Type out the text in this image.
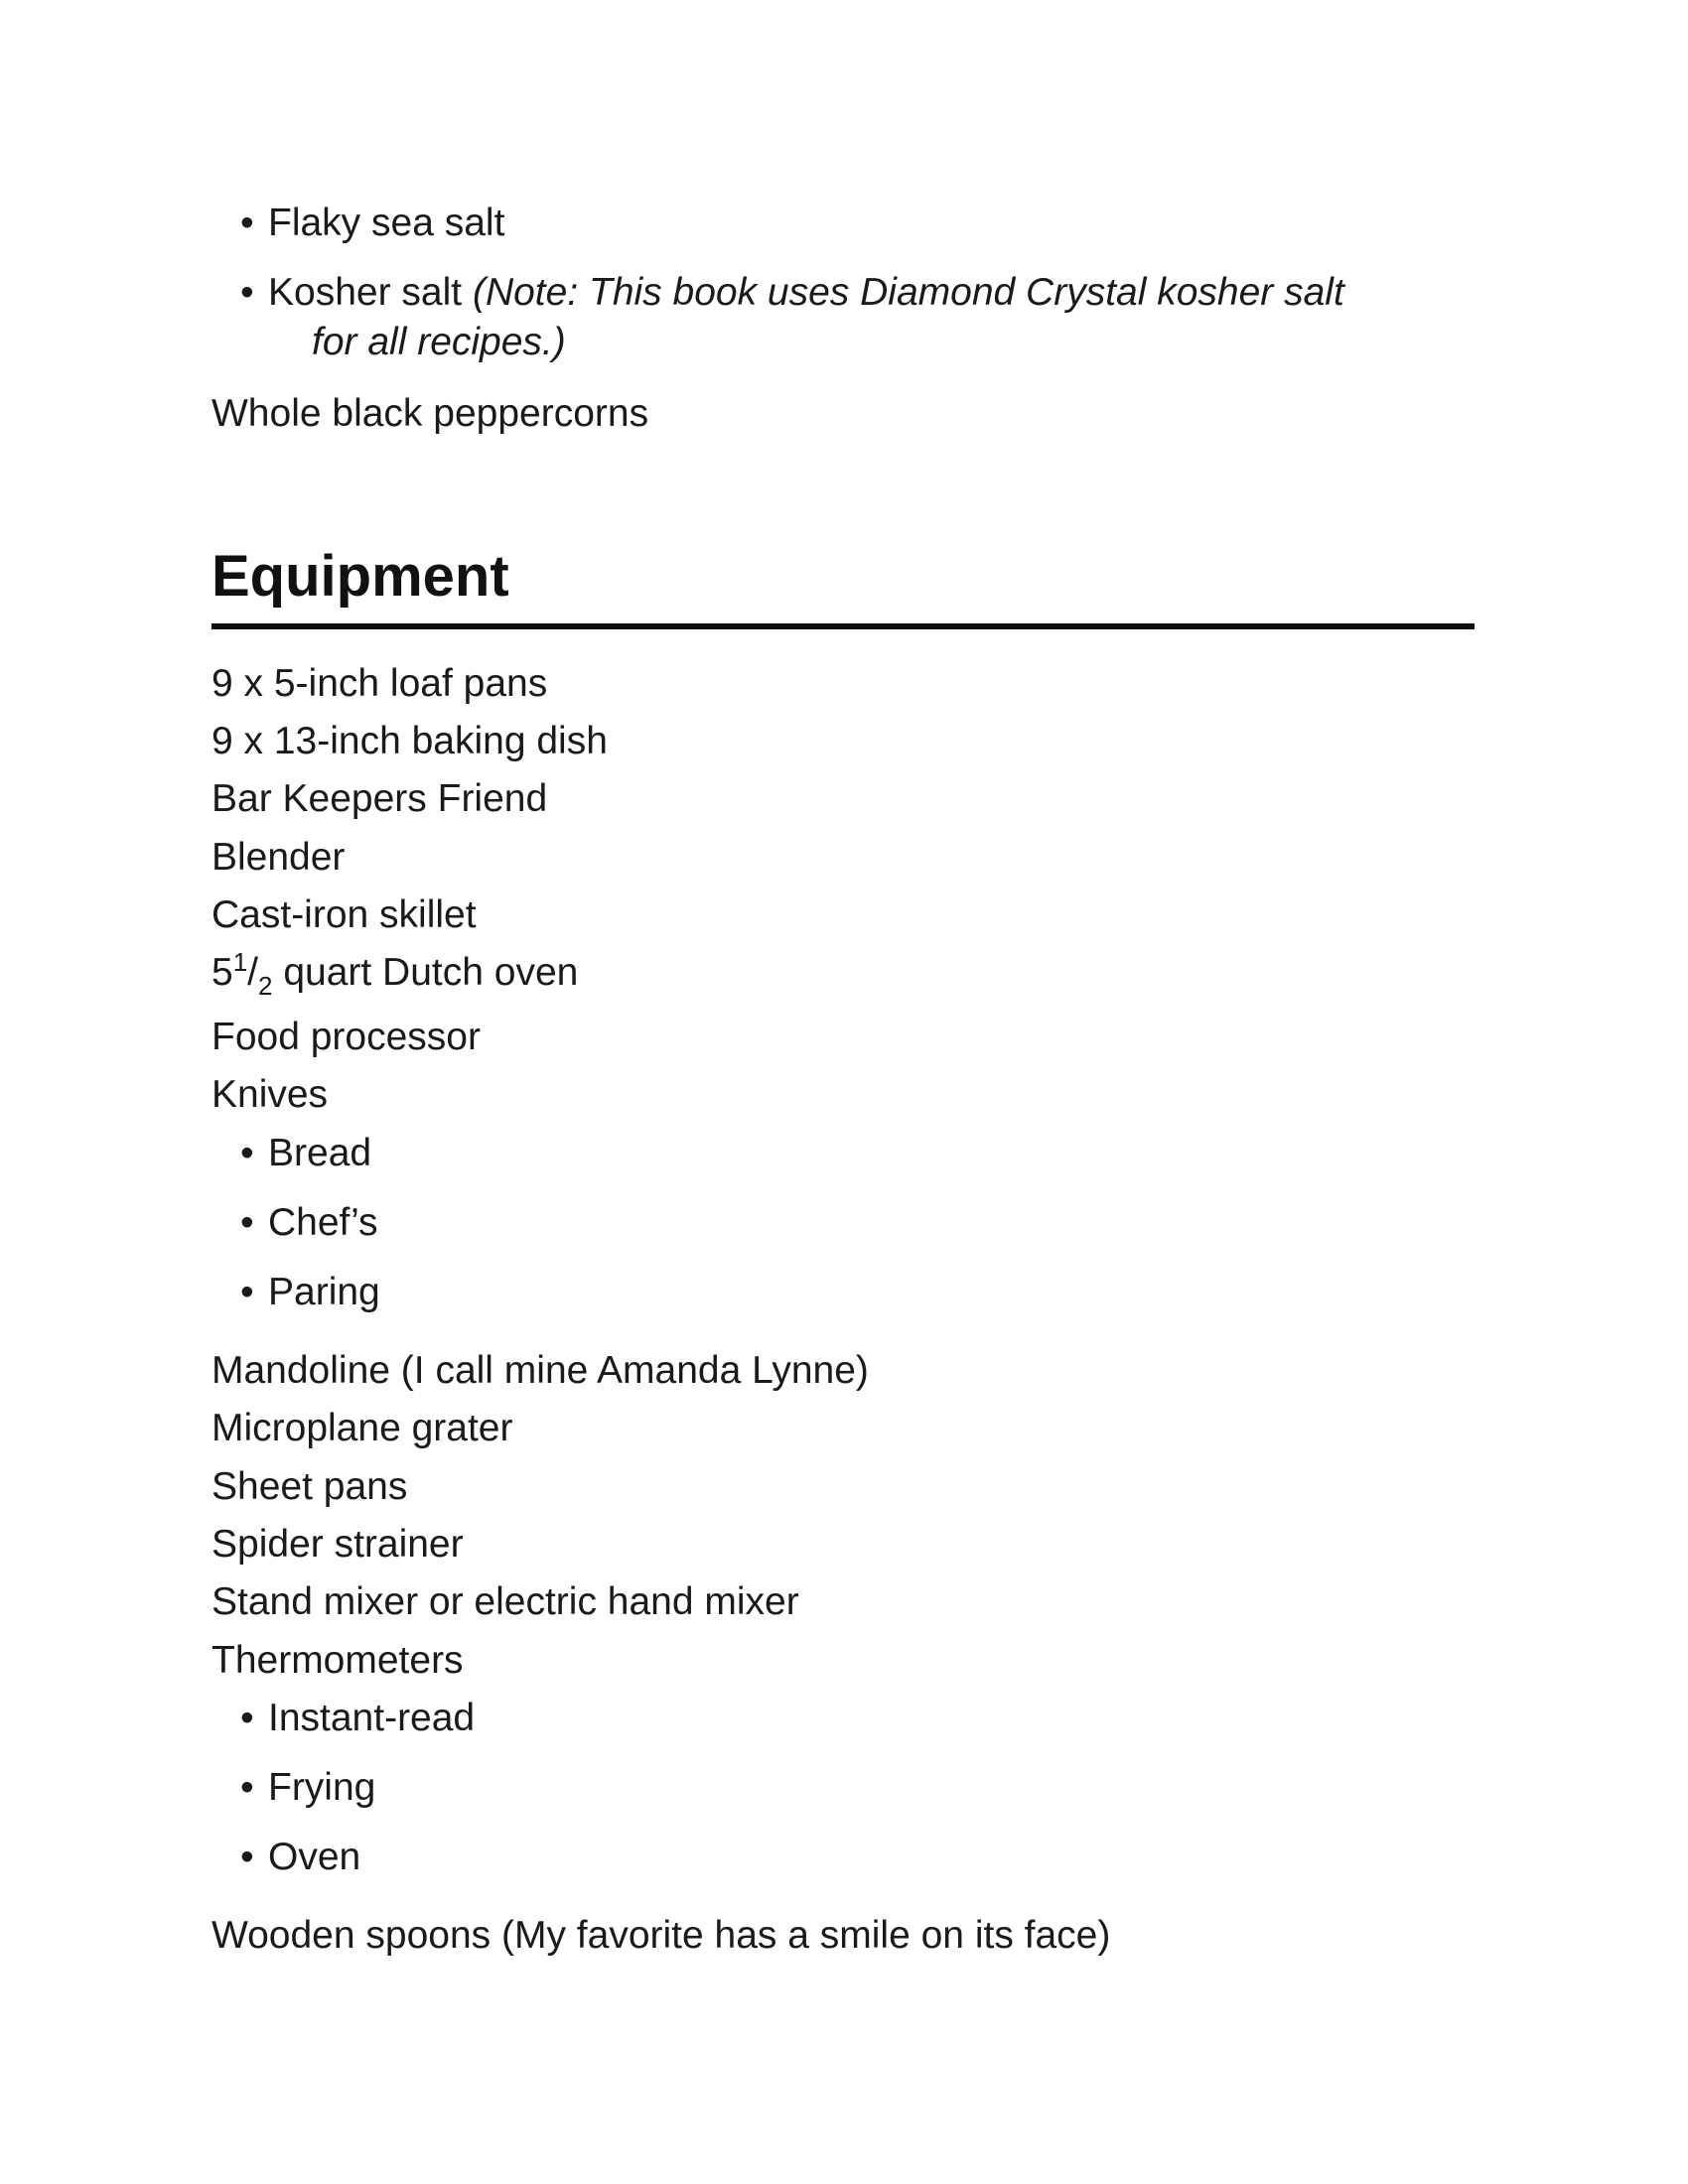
• Flaky sea salt
• Kosher salt (Note: This book uses Diamond Crystal kosher salt
for all recipes.)
Whole black peppercorns
Equipment
9 x 5-inch loaf pans
9 x 13-inch baking dish
Bar Keepers Friend
Blender
Cast-iron skillet
$5^1/_2$ quart Dutch oven
Food processor
Knives
• Bread
• Chef’s
• Paring
Mandoline (I call mine Amanda Lynne)
Microplane grater
Sheet pans
Spider strainer
Stand mixer or electric hand mixer
Thermometers
• Instant-read
• Frying
• Oven
Wooden spoons (My favorite has a smile on its face)
